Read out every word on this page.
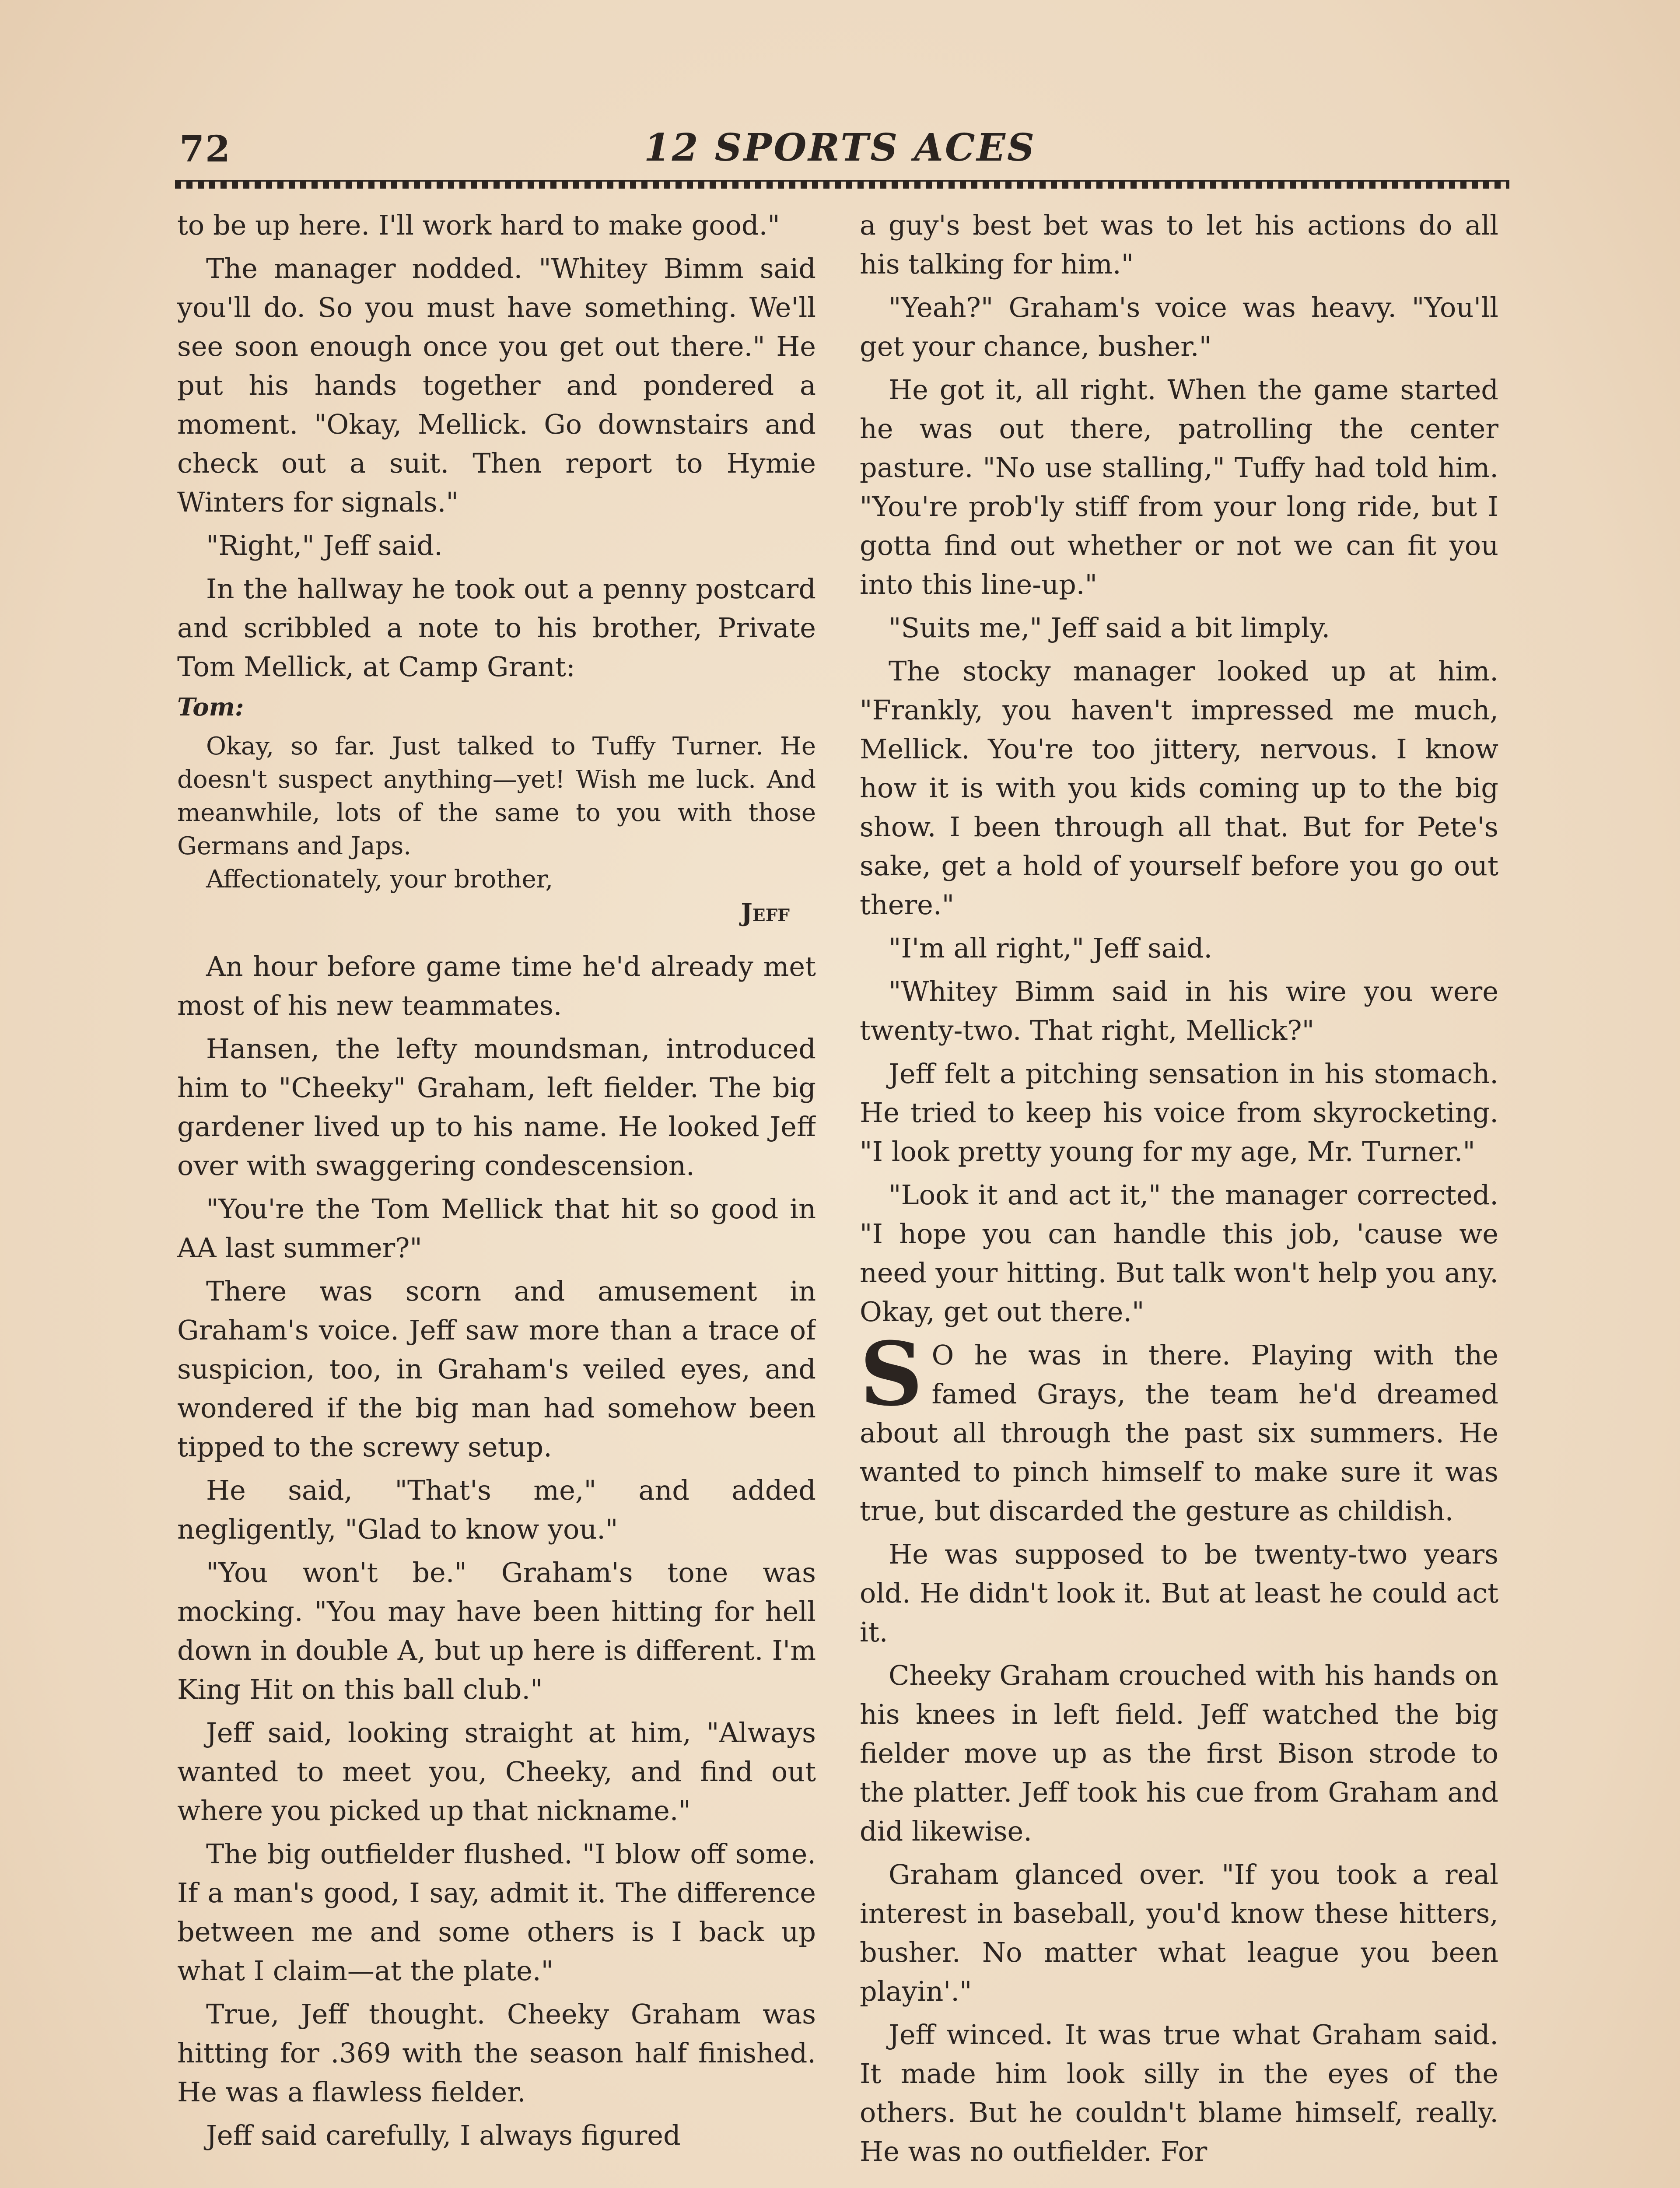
72	12 SPORTS ACES

to be up here. I'll work hard to make good."

The manager nodded. "Whitey Bimm said you'll do. So you must have something. We'll see soon enough once you get out there." He put his hands together and pondered a moment. "Okay, Mellick. Go downstairs and check out a suit. Then report to Hymie Winters for signals."

"Right," Jeff said.

In the hallway he took out a penny postcard and scribbled a note to his brother, Private Tom Mellick, at Camp Grant:

Tom:

Okay, so far. Just talked to Tuffy Turner. He doesn't suspect anything—yet! Wish me luck. And meanwhile, lots of the same to you with those Germans and Japs.

Affectionately, your brother,

Jeff

An hour before game time he'd already met most of his new teammates.

Hansen, the lefty moundsman, introduced him to "Cheeky" Graham, left fielder. The big gardener lived up to his name. He looked Jeff over with swaggering condescension.

"You're the Tom Mellick that hit so good in AA last summer?"

There was scorn and amusement in Graham's voice. Jeff saw more than a trace of suspicion, too, in Graham's veiled eyes, and wondered if the big man had somehow been tipped to the screwy setup.

He said, "That's me," and added negligently, "Glad to know you."

"You won't be." Graham's tone was mocking. "You may have been hitting for hell down in double A, but up here is different. I'm King Hit on this ball club."

Jeff said, looking straight at him, "Always wanted to meet you, Cheeky, and find out where you picked up that nickname."

The big outfielder flushed. "I blow off some. If a man's good, I say, admit it. The difference between me and some others is I back up what I claim—at the plate."

True, Jeff thought. Cheeky Graham was hitting for .369 with the season half finished. He was a flawless fielder.

Jeff said carefully, I always figured

a guy's best bet was to let his actions do all his talking for him."

"Yeah?" Graham's voice was heavy. "You'll get your chance, busher."

He got it, all right. When the game started he was out there, patrolling the center pasture. "No use stalling," Tuffy had told him. "You're prob'ly stiff from your long ride, but I gotta find out whether or not we can fit you into this line-up."

"Suits me," Jeff said a bit limply.

The stocky manager looked up at him. "Frankly, you haven't impressed me much, Mellick. You're too jittery, nervous. I know how it is with you kids coming up to the big show. I been through all that. But for Pete's sake, get a hold of yourself before you go out there."

"I'm all right," Jeff said.

"Whitey Bimm said in his wire you were twenty-two. That right, Mellick?"

Jeff felt a pitching sensation in his stomach. He tried to keep his voice from skyrocketing. "I look pretty young for my age, Mr. Turner."

"Look it and act it," the manager corrected. "I hope you can handle this job, 'cause we need your hitting. But talk won't help you any. Okay, get out there."

S O he was in there. Playing with the famed Grays, the team he'd dreamed about all through the past six summers. He wanted to pinch himself to make sure it was true, but discarded the gesture as childish.

He was supposed to be twenty-two years old. He didn't look it. But at least he could act it.

Cheeky Graham crouched with his hands on his knees in left field. Jeff watched the big fielder move up as the first Bison strode to the platter. Jeff took his cue from Graham and did likewise.

Graham glanced over. "If you took a real interest in baseball, you'd know these hitters, busher. No matter what league you been playin'."

Jeff winced. It was true what Graham said. It made him look silly in the eyes of the others. But he couldn't blame himself, really. He was no outfielder. For
